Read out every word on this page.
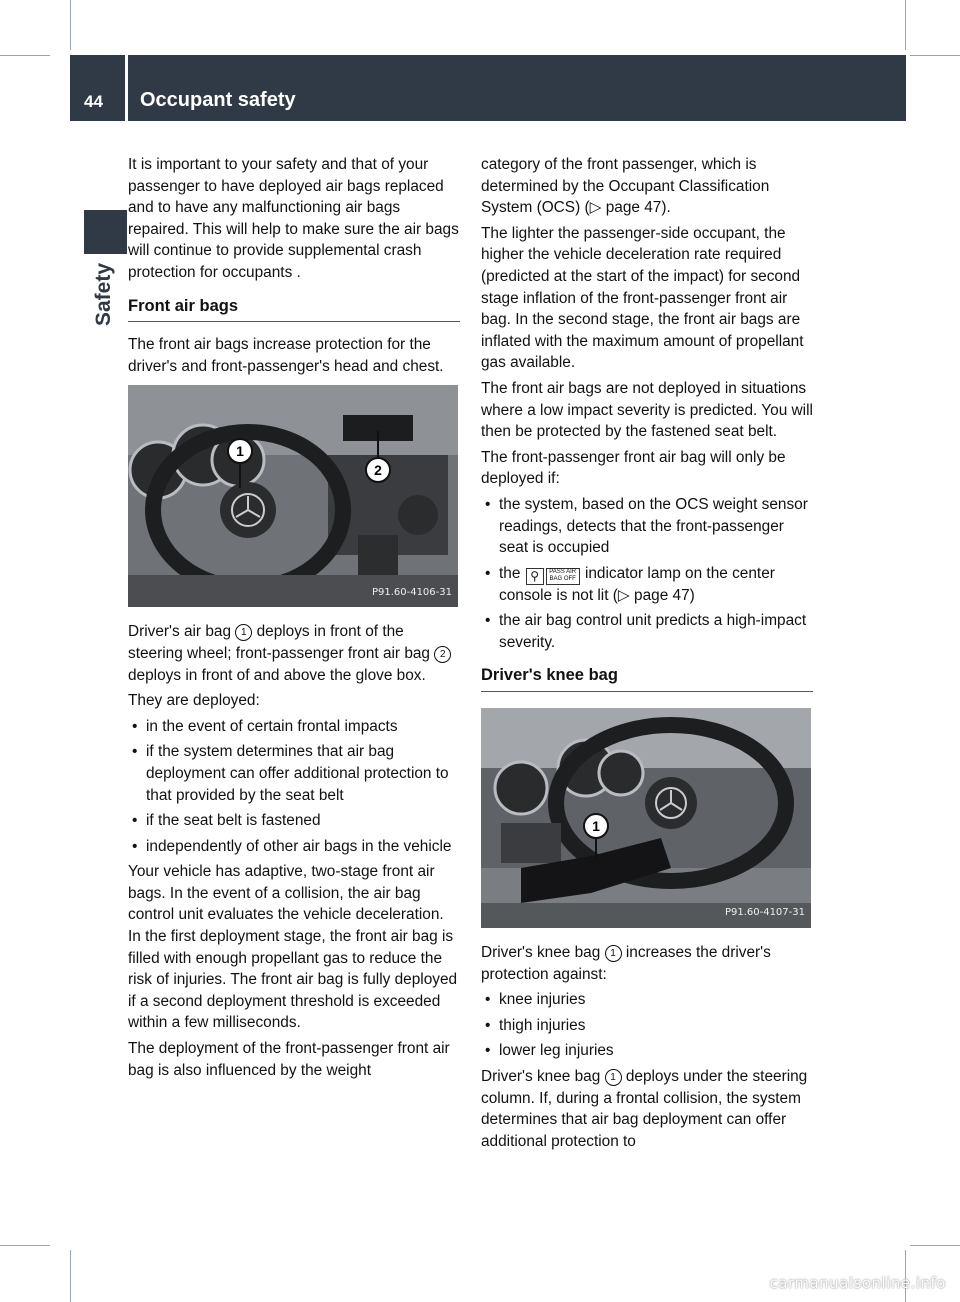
44 Occupant safety
Safety

It is important to your safety and that of your passenger to have deployed air bags replaced and to have any malfunctioning air bags repaired. This will help to make sure the air bags will continue to provide supplemental crash protection for occupants .

Front air bags

The front air bags increase protection for the driver's and front-passenger's head and chest.

1
2
P91.60-4106-31

Driver's air bag 1 deploys in front of the steering wheel; front-passenger front air bag 2 deploys in front of and above the glove box.

They are deployed:

• in the event of certain frontal impacts
• if the system determines that air bag deployment can offer additional protection to that provided by the seat belt
• if the seat belt is fastened
• independently of other air bags in the vehicle

Your vehicle has adaptive, two-stage front air bags. In the event of a collision, the air bag control unit evaluates the vehicle deceleration. In the first deployment stage, the front air bag is filled with enough propellant gas to reduce the risk of injuries. The front air bag is fully deployed if a second deployment threshold is exceeded within a few milliseconds.

The deployment of the front-passenger front air bag is also influenced by the weight

category of the front passenger, which is determined by the Occupant Classification System (OCS) (▷ page 47).

The lighter the passenger-side occupant, the higher the vehicle deceleration rate required (predicted at the start of the impact) for second stage inflation of the front-passenger front air bag. In the second stage, the front air bags are inflated with the maximum amount of propellant gas available.

The front air bags are not deployed in situations where a low impact severity is predicted. You will then be protected by the fastened seat belt.

The front-passenger front air bag will only be deployed if:

• the system, based on the OCS weight sensor readings, detects that the front-passenger seat is occupied
• the ⚲ PASS AIR BAG OFF indicator lamp on the center console is not lit (▷ page 47)
• the air bag control unit predicts a high-impact severity.
Driver's knee bag
1
P91.60-4107-31

Driver's knee bag 1 increases the driver's protection against:

• knee injuries
• thigh injuries
• lower leg injuries

Driver's knee bag 1 deploys under the steering column. If, during a frontal collision, the system determines that air bag deployment can offer additional protection to

carmanualsonline.info
